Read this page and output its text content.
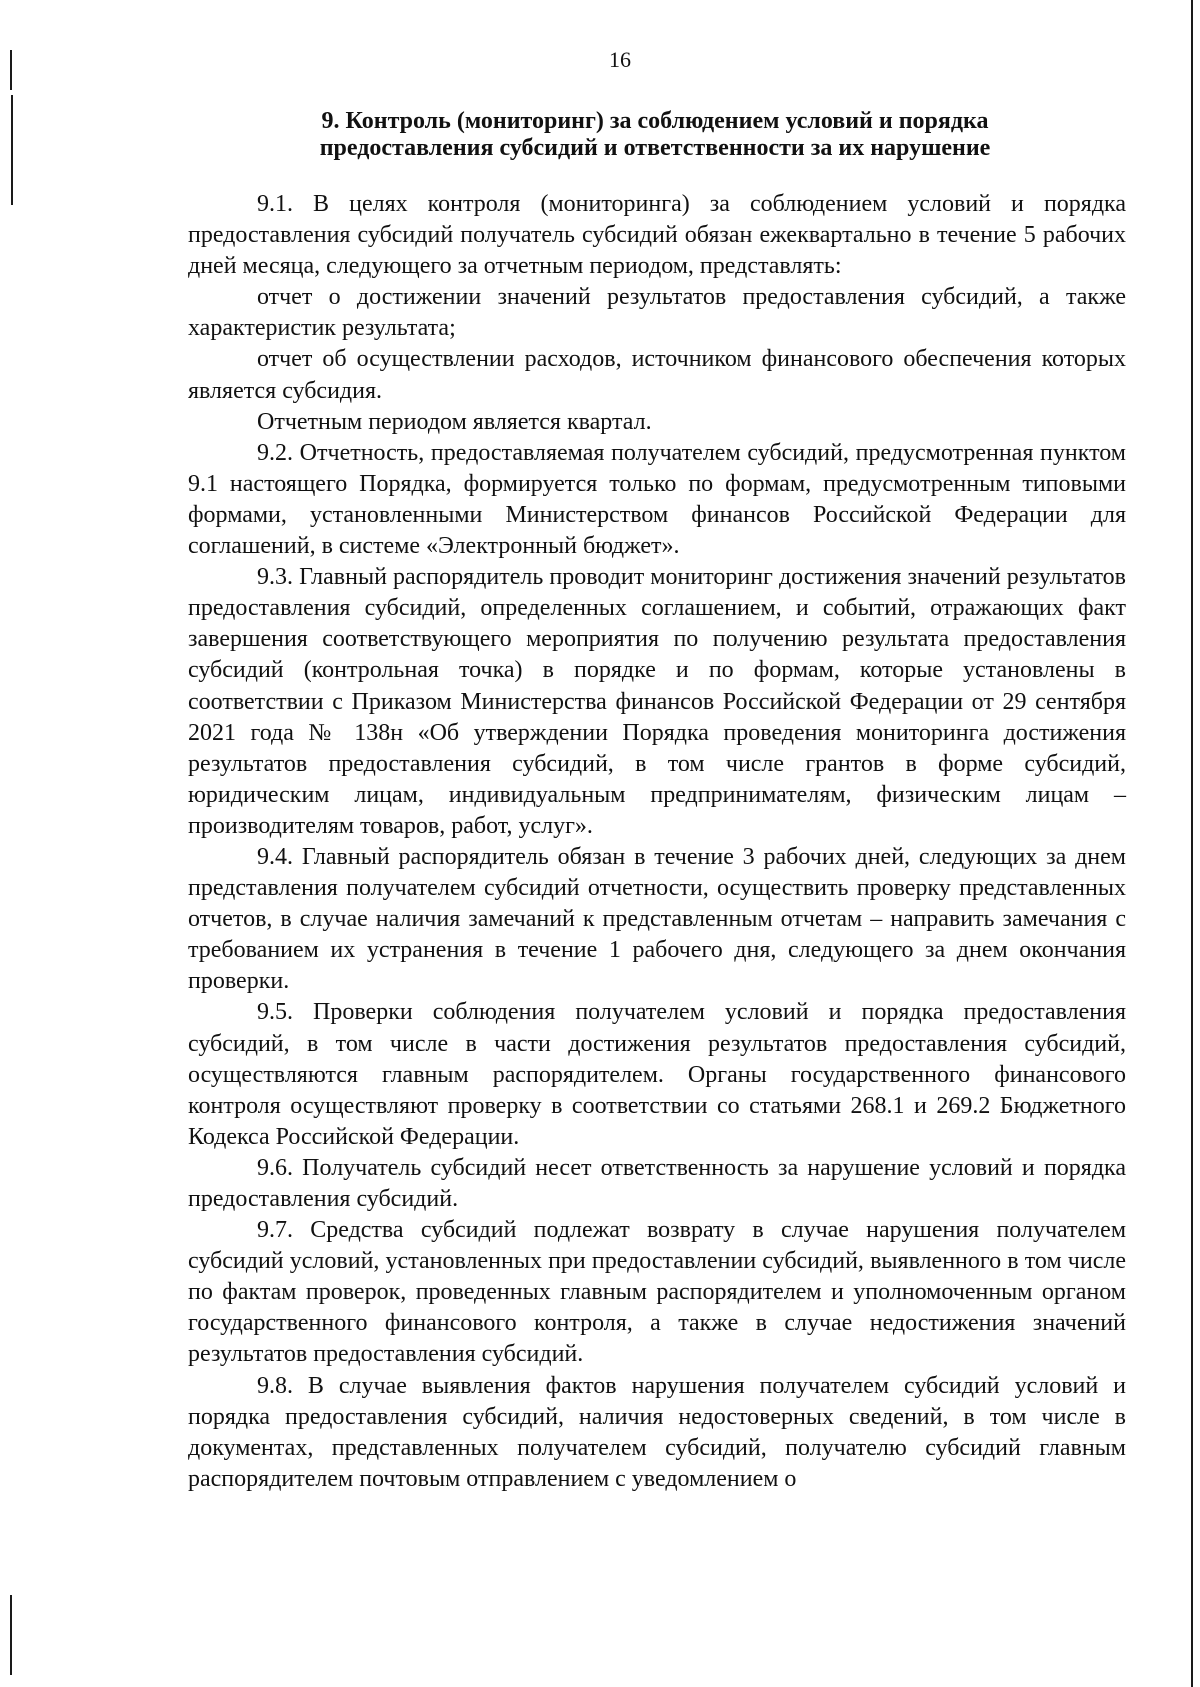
16
9. Контроль (мониторинг) за соблюдением условий и порядка предоставления субсидий и ответственности за их нарушение

9.1. В целях контроля (мониторинга) за соблюдением условий и порядка предоставления субсидий получатель субсидий обязан ежеквартально в течение 5 рабочих дней месяца, следующего за отчетным периодом, представлять:

отчет о достижении значений результатов предоставления субсидий, а также характеристик результата;

отчет об осуществлении расходов, источником финансового обеспечения которых является субсидия.

Отчетным периодом является квартал.

9.2. Отчетность, предоставляемая получателем субсидий, предусмотренная пунктом 9.1 настоящего Порядка, формируется только по формам, предусмотренным типовыми формами, установленными Министерством финансов Российской Федерации для соглашений, в системе «Электронный бюджет».

9.3. Главный распорядитель проводит мониторинг достижения значений результатов предоставления субсидий, определенных соглашением, и событий, отражающих факт завершения соответствующего мероприятия по получению результата предоставления субсидий (контрольная точка) в порядке и по формам, которые установлены в соответствии с Приказом Министерства финансов Российской Федерации от 29 сентября 2021 года № 138н «Об утверждении Порядка проведения мониторинга достижения результатов предоставления субсидий, в том числе грантов в форме субсидий, юридическим лицам, индивидуальным предпринимателям, физическим лицам – производителям товаров, работ, услуг».

9.4. Главный распорядитель обязан в течение 3 рабочих дней, следующих за днем представления получателем субсидий отчетности, осуществить проверку представленных отчетов, в случае наличия замечаний к представленным отчетам – направить замечания с требованием их устранения в течение 1 рабочего дня, следующего за днем окончания проверки.

9.5. Проверки соблюдения получателем условий и порядка предоставления субсидий, в том числе в части достижения результатов предоставления субсидий, осуществляются главным распорядителем. Органы государственного финансового контроля осуществляют проверку в соответствии со статьями 268.1 и 269.2 Бюджетного Кодекса Российской Федерации.

9.6. Получатель субсидий несет ответственность за нарушение условий и порядка предоставления субсидий.

9.7. Средства субсидий подлежат возврату в случае нарушения получателем субсидий условий, установленных при предоставлении субсидий, выявленного в том числе по фактам проверок, проведенных главным распорядителем и уполномоченным органом государственного финансового контроля, а также в случае недостижения значений результатов предоставления субсидий.

9.8. В случае выявления фактов нарушения получателем субсидий условий и порядка предоставления субсидий, наличия недостоверных сведений, в том числе в документах, представленных получателем субсидий, получателю субсидий главным распорядителем почтовым отправлением с уведомлением о
